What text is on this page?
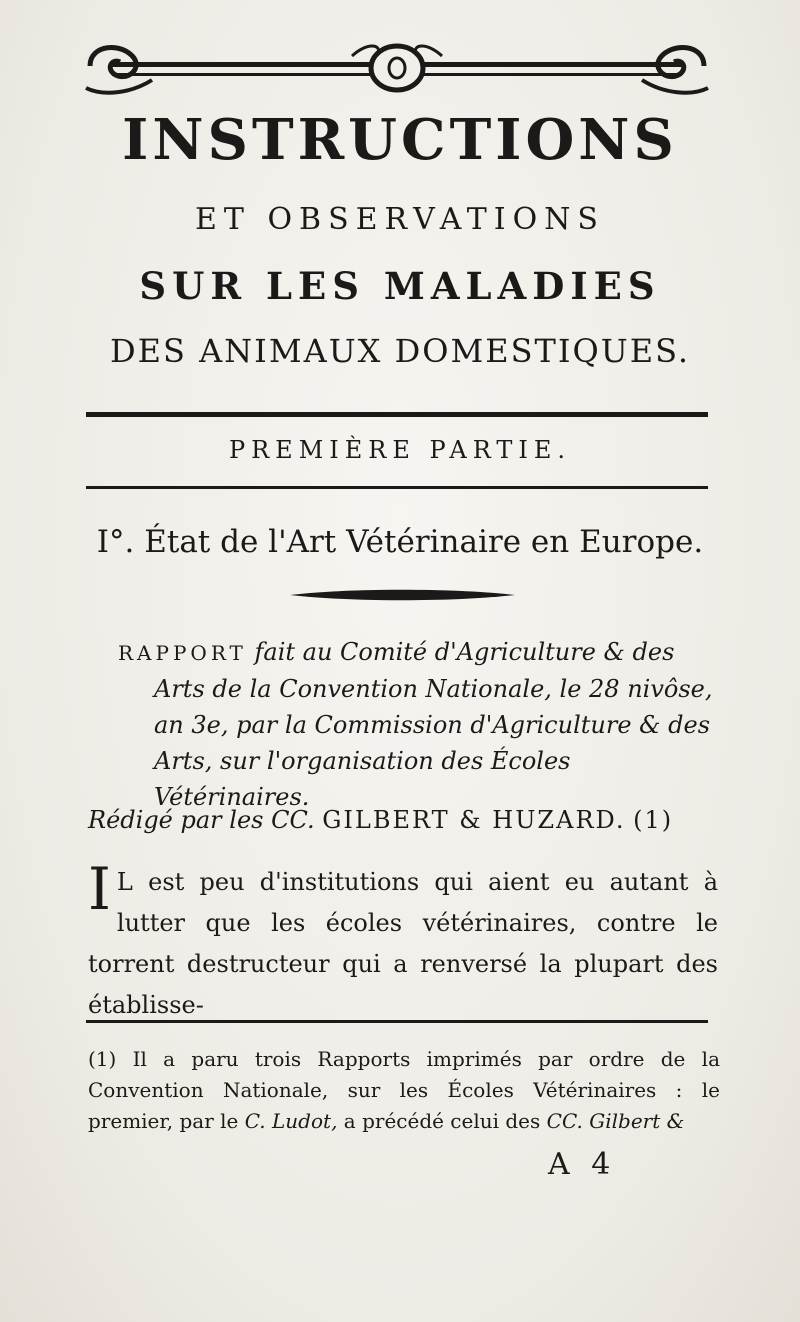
INSTRUCTIONS
ET OBSERVATIONS
SUR LES MALADIES
DES ANIMAUX DOMESTIQUES.
PREMIÈRE PARTIE.
I°. État de l'Art Vétérinaire en Europe.
RAPPORT fait au Comité d'Agriculture & des
Arts de la Convention Nationale, le 28 nivôse,
an 3e, par la Commission d'Agriculture & des
Arts, sur l'organisation des Écoles Vétérinaires.
Rédigé par les CC. GILBERT & HUZARD. (1)
I L est peu d'institutions qui aient eu autant à lutter que les écoles vétérinaires, contre le torrent destructeur qui a renversé la plupart des établisse-
(1) Il a paru trois Rapports imprimés par ordre de la Convention Nationale, sur les Écoles Vétérinaires : le premier, par le C. Ludot, a précédé celui des CC. Gilbert &
A 4
